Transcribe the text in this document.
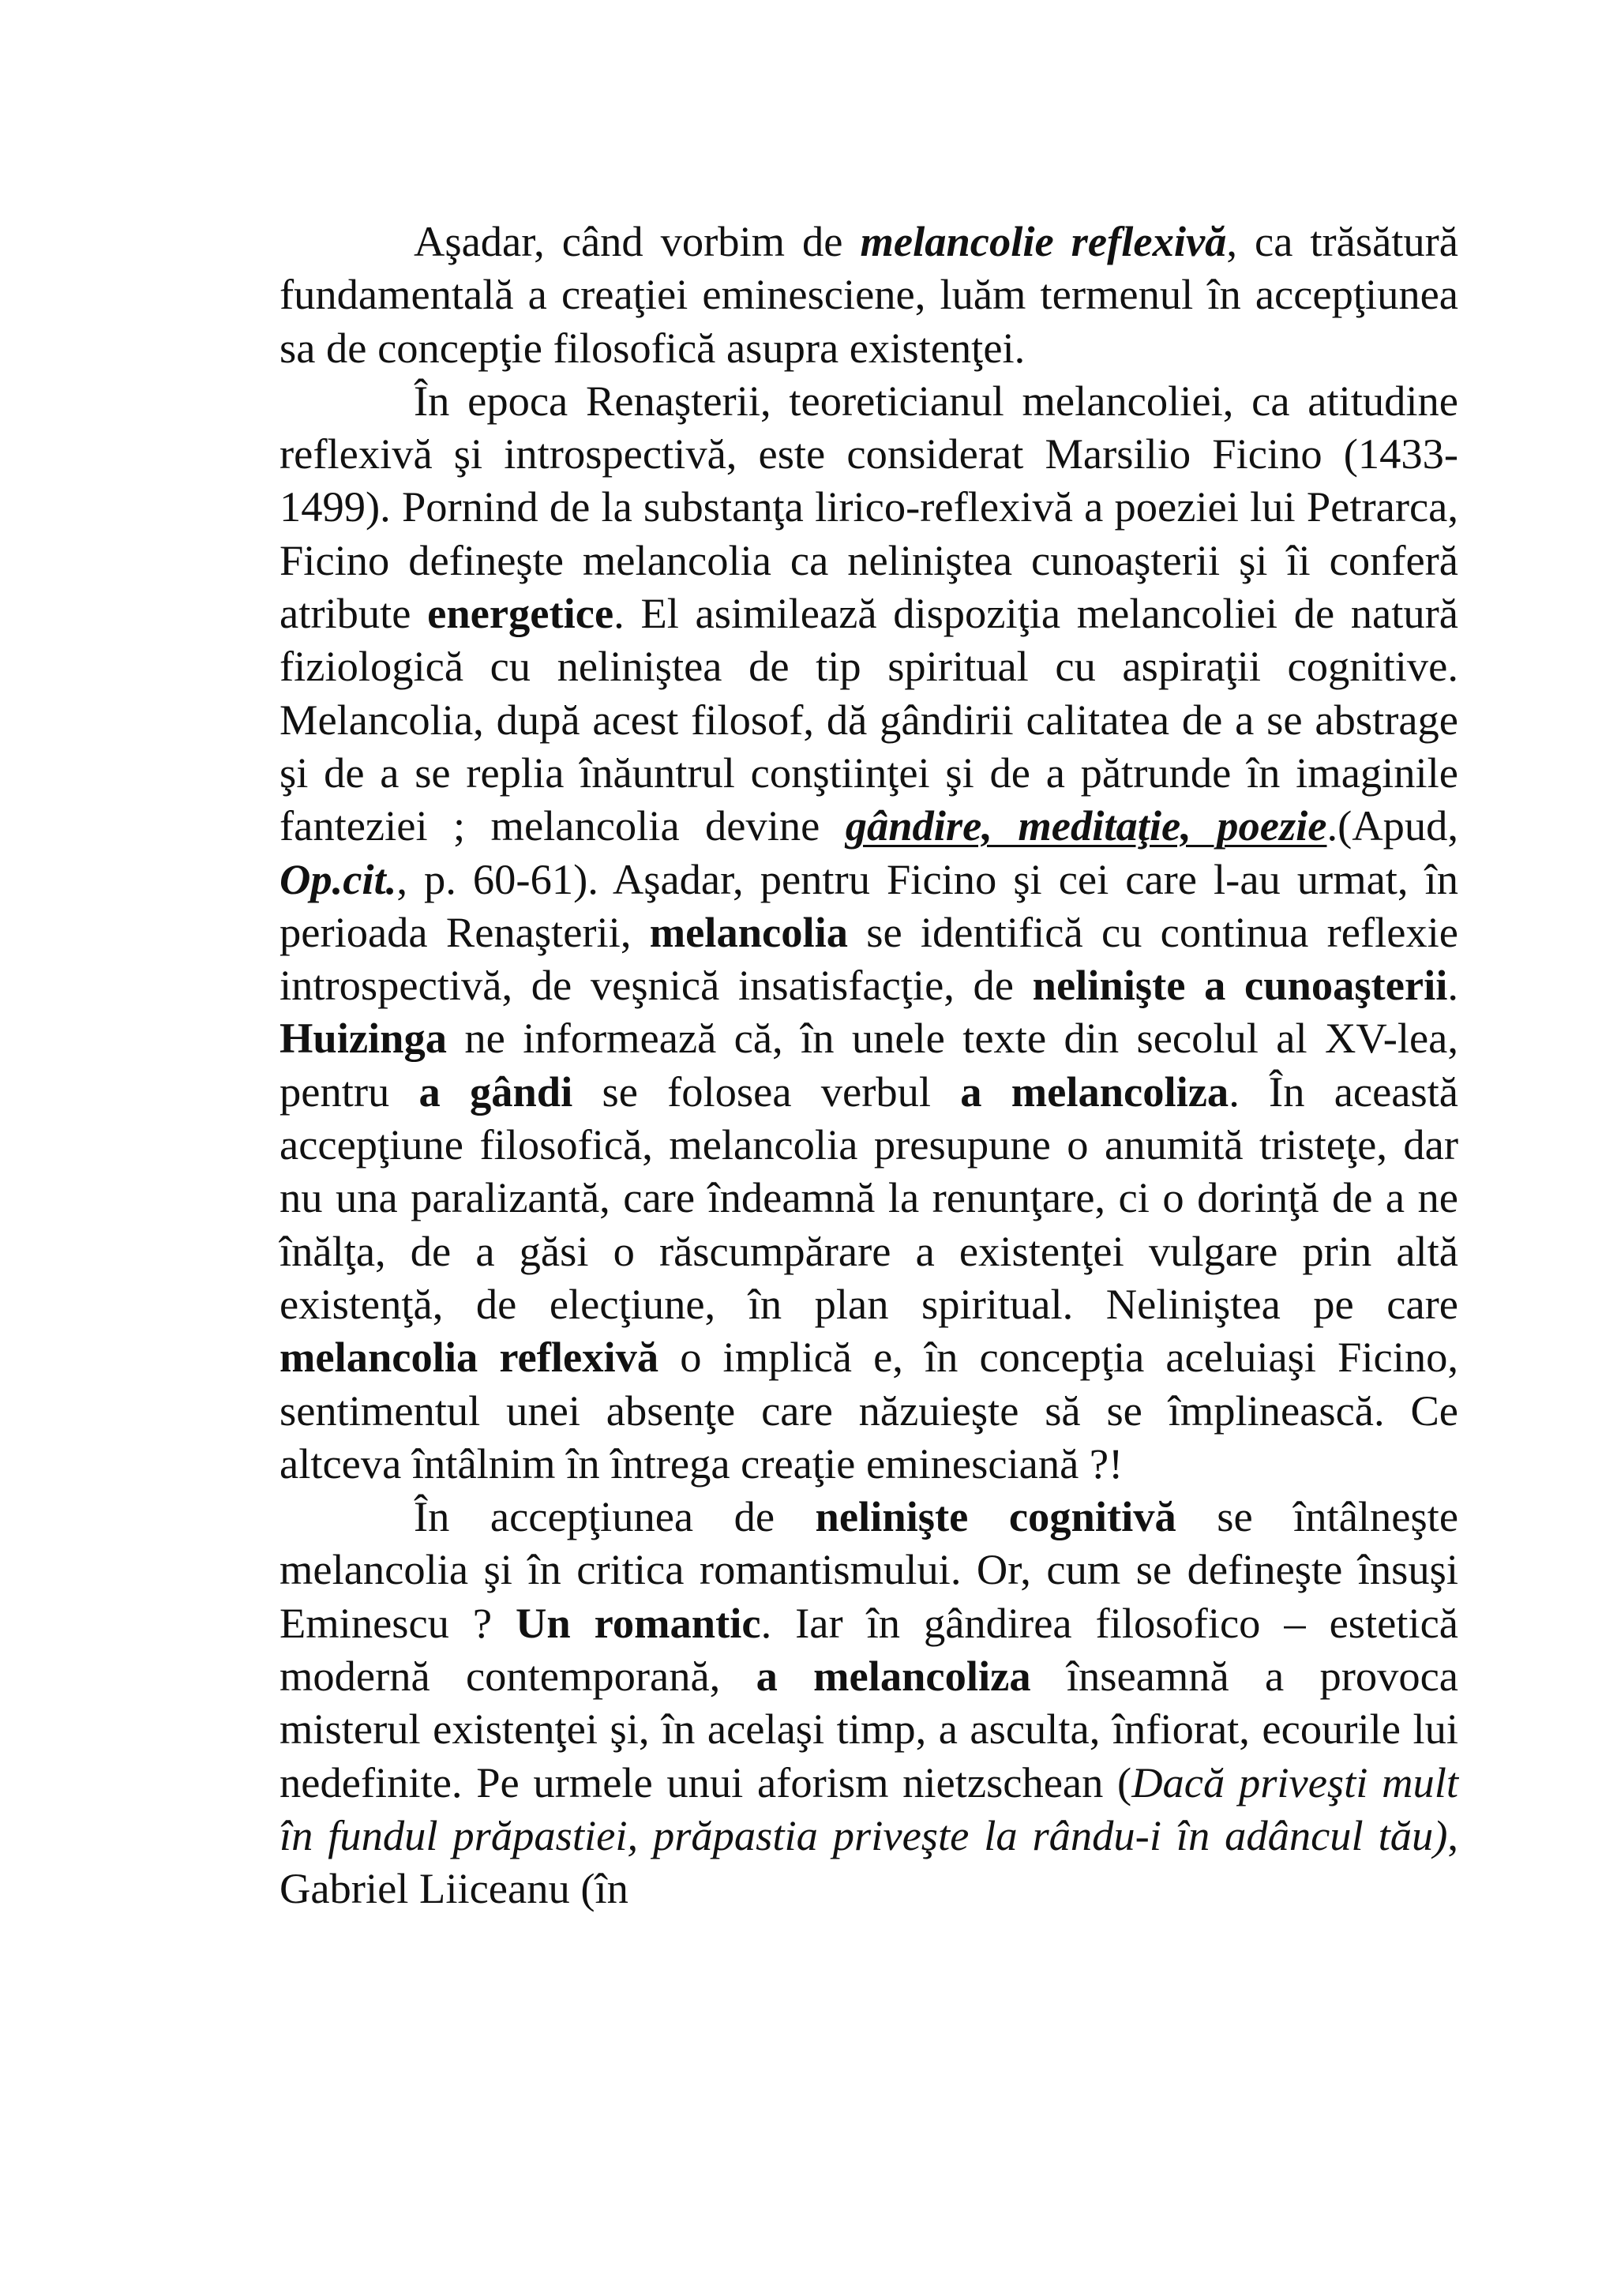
Aşadar, când vorbim de melancolie reflexivă, ca trăsătură fundamentală a creaţiei eminesciene, luăm termenul în accepţiunea sa de concepţie filosofică asupra existenţei.

În epoca Renaşterii, teoreticianul melancoliei, ca atitudine reflexivă şi introspectivă, este considerat Marsilio Ficino (1433-1499). Pornind de la substanţa lirico-reflexivă a poeziei lui Petrarca, Ficino defineşte melancolia ca neliniştea cunoaşterii şi îi conferă atribute energetice. El asimilează dispoziţia melancoliei de natură fiziologică cu neliniştea de tip spiritual cu aspiraţii cognitive. Melancolia, după acest filosof, dă gândirii calitatea de a se abstrage şi de a se replia înăuntrul conştiinţei şi de a pătrunde în imaginile fanteziei ; melancolia devine gândire, meditaţie, poezie.(Apud, Op.cit., p. 60-61). Aşadar, pentru Ficino şi cei care l-au urmat, în perioada Renaşterii, melancolia se identifică cu continua reflexie introspectivă, de veşnică insatisfacţie, de nelinişte a cunoaşterii. Huizinga ne informează că, în unele texte din secolul al XV-lea, pentru a gândi se folosea verbul a melancoliza. În această accepţiune filosofică, melancolia presupune o anumită tristeţe, dar nu una paralizantă, care îndeamnă la renunţare, ci o dorinţă de a ne înălţa, de a găsi o răscumpărare a existenţei vulgare prin altă existenţă, de elecţiune, în plan spiritual. Neliniştea pe care melancolia reflexivă o implică e, în concepţia aceluiaşi Ficino, sentimentul unei absenţe care năzuieşte să se împlinească. Ce altceva întâlnim în întrega creaţie eminesciană ?!

În accepţiunea de nelinişte cognitivă se întâlneşte melancolia şi în critica romantismului. Or, cum se defineşte însuşi Eminescu ? Un romantic. Iar în gândirea filosofico – estetică modernă contemporană, a melancoliza înseamnă a provoca misterul existenţei şi, în acelaşi timp, a asculta, înfiorat, ecourile lui nedefinite. Pe urmele unui aforism nietzschean (Dacă priveşti mult în fundul prăpastiei, prăpastia priveşte la rându-i în adâncul tău), Gabriel Liiceanu (în
